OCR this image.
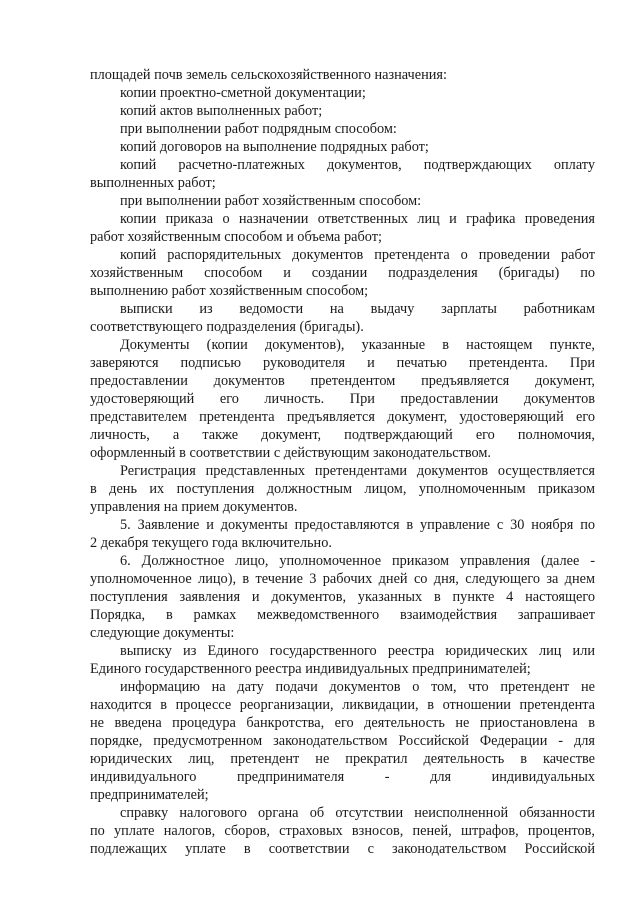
площадей почв земель сельскохозяйственного назначения:
копии проектно-сметной документации;
копий актов выполненных работ;
при выполнении работ подрядным способом:
копий договоров на выполнение подрядных работ;
копий расчетно-платежных документов, подтверждающих оплату
выполненных работ;
при выполнении работ хозяйственным способом:
копии приказа о назначении ответственных лиц и графика проведения
работ хозяйственным способом и объема работ;
копий распорядительных документов претендента о проведении работ
хозяйственным способом и создании подразделения (бригады) по
выполнению работ хозяйственным способом;
выписки из ведомости на выдачу зарплаты работникам
соответствующего подразделения (бригады).
Документы (копии документов), указанные в настоящем пункте,
заверяются подписью руководителя и печатью претендента. При
предоставлении документов претендентом предъявляется документ,
удостоверяющий его личность. При предоставлении документов
представителем претендента предъявляется документ, удостоверяющий его
личность, а также документ, подтверждающий его полномочия,
оформленный в соответствии с действующим законодательством.
Регистрация представленных претендентами документов осуществляется
в день их поступления должностным лицом, уполномоченным приказом
управления на прием документов.
5. Заявление и документы предоставляются в управление с 30 ноября по
2 декабря текущего года включительно.
6. Должностное лицо, уполномоченное приказом управления (далее -
уполномоченное лицо), в течение 3 рабочих дней со дня, следующего за днем
поступления заявления и документов, указанных в пункте 4 настоящего
Порядка, в рамках межведомственного взаимодействия запрашивает
следующие документы:
выписку из Единого государственного реестра юридических лиц или
Единого государственного реестра индивидуальных предпринимателей;
информацию на дату подачи документов о том, что претендент не
находится в процессе реорганизации, ликвидации, в отношении претендента
не введена процедура банкротства, его деятельность не приостановлена в
порядке, предусмотренном законодательством Российской Федерации - для
юридических лиц, претендент не прекратил деятельность в качестве
индивидуального предпринимателя - для индивидуальных
предпринимателей;
справку налогового органа об отсутствии неисполненной обязанности
по уплате налогов, сборов, страховых взносов, пеней, штрафов, процентов,
подлежащих уплате в соответствии с законодательством Российской
